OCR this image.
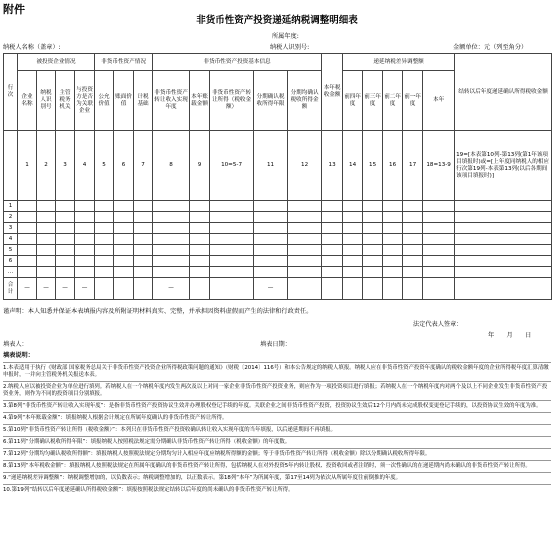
附件
非货币性资产投资递延纳税调整明细表
所属年度:
纳税人名称（盖章）:	纳税人识别号:	金额单位：元（列至角分）
行次	被投资企业情况				非货币性资产情况			非货币性资产投资基本信息					本年税收金额	递延纳税差异调整额					结转以后年度递延确认所得税收金额
	企业名称	纳税人识别号	主管税务机关	与投资方是否为关联企业	公允价值	账面价值	计税基础	非货币性资产转让收入实现年度	本年账载金额	非货币性资产转让所得（税收金额）	分期确认税收所得年限	分期均确认税收所得金额		前四年度	前三年度	前二年度	前一年度	本年	
	1	2	3	4	5	6	7	8	9	10=5-7	11	12	13	14	15	16	17	18=13-9	19=[本表第10列-第13列(第1年该项目填报时)或=[上年度同纳税人的相应行次第19列-本表第13列(以后各期间该项目填报时)]
1																			
2																			
3																			
4																			
5																			
6																			
…																			
合计	—	—	—	—				—			—								
谨声明：本人知悉并保证本表填报内容及所附证明材料真实、完整，并承担因资料虚假而产生的法律和行政责任。
法定代表人签章：
年　　月　　日
填表人：	填表日期：
填表说明：

1.本表适用于执行《财政部 国家税务总局关于非货币性资产投资企业所得税政策问题的通知》（财税〔2014〕116号）和本公告规定的纳税人填报。纳税人应在非货币性资产投资年度确认的税收金额年度的企业所得税年度汇算清缴申报时，一并向主管税务机关报送本表。

2.纳税人应以被投资企业为单位进行填列。若纳税人在一个纳税年度内发生两次及以上对同一家企业非货币性资产投资业务，则应作为一项投资项目进行填报；若纳税人在一个纳税年度内对两个及以上不同企业发生非货币性资产投资业务，则作为不同的投资项目分别填报。

3.第8列“非货币性资产转让收入实现年度”：是指非货币性资产投资协议生效并办理股权登记手续的年度。关联企业之间非货币性资产投资，投资协议生效后12个月内尚未完成股权变更登记手续的，以投资协议生效的年度为准。

4.第9列“本年账载金额”：填报纳税人根据会计规定在所属年度确认的非货币性资产转让所得。

5.第10列“非货币性资产转让所得（税收金额）”：本列只在非货币性资产投资收确认转让收入实现年度的当年填报，以后递延期间不再填报。

6.第11列“分期确认税收所得年限”：填报纳税人按照税法规定需分期确认非货币性资产转让所得（税收金额）的年度数。

7.第12列“分期均匀确认税收所得额”：填报纳税人按照税法规定分期均匀计入相应年度应纳税所得额的金额；等于非货币性资产转让所得（税收金额）除以分期确认税收所得年限。

8.第13列“本年税收金额”：填报纳税人按照税法规定在所属年度确认的非货币性资产转让所得，包括纳税人在对外投资5年内转让股权、投资收回或者注销时，须一次性确认的在递延期内尚未确认的非货币性资产转让所得。

9.“递延纳税差异调整额”：纳税调整增加的，以负数表示；纳税调整增加的，以正数表示。第18列“本年”为所属年度，第17至14列为依次从所属年度往前倒推的年度。

10.第19列“结转以后年度递延确认所得税收金额”：填报按照税法规定结转以后年度的尚未确认的非货币性资产转让所得。
